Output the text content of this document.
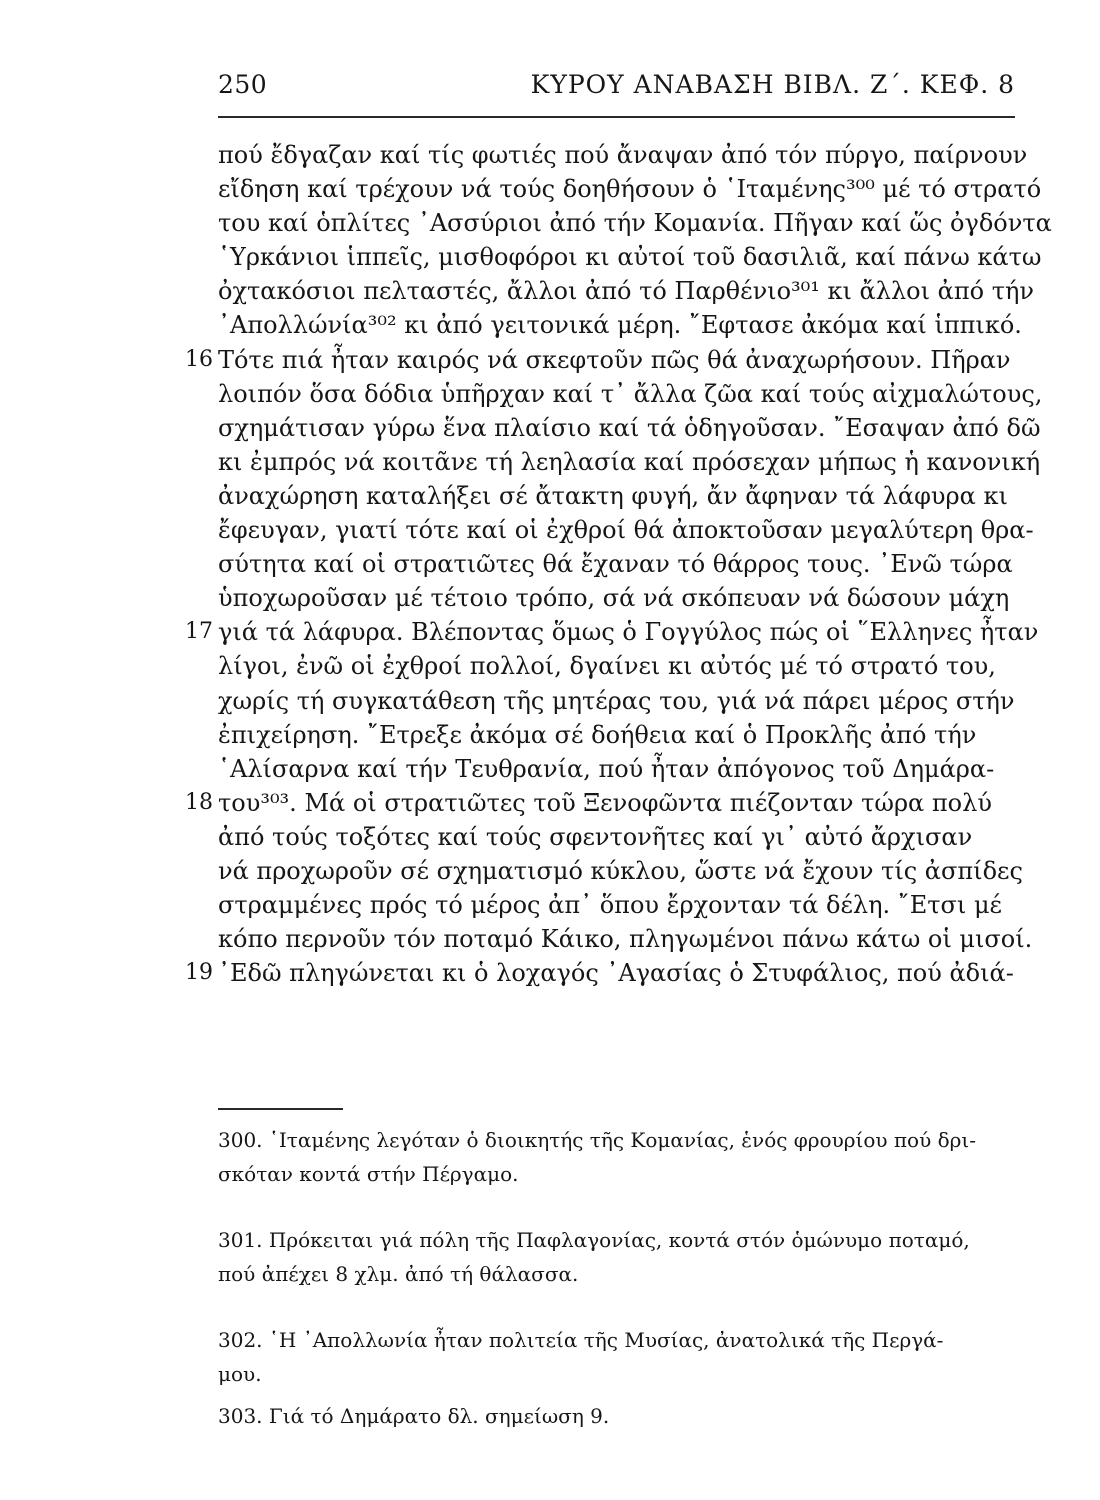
250	ΚΥΡΟΥ ΑΝΑΒΑΣΗ ΒΙΒΛ. Ζ΄. ΚΕΦ. 8
πού ἔδγαζαν καί τίς φωτιές πού ἄναψαν ἀπό τόν πύργο, παίρνουν
εἴδηση καί τρέχουν νά τούς δοηθήσουν ὁ ῾Ιταμένης³⁰⁰ μέ τό στρατό
του καί ὁπλίτες ᾿Ασσύριοι ἀπό τήν Κομανία. Πῆγαν καί ὥς ὀγδόντα
῾Υρκάνιοι ἱππεῖς, μισθοφόροι κι αὐτοί τοῦ δασιλιᾶ, καί πάνω κάτω
ὀχτακόσιοι πελταστές, ἄλλοι ἀπό τό Παρθένιο³⁰¹ κι ἄλλοι ἀπό τήν
᾿Απολλώνία³⁰² κι ἀπό γειτονικά μέρη. ῎Εφτασε ἀκόμα καί ἱππικό.
16 Τότε πιά ἦταν καιρός νά σκεφτοῦν πῶς θά ἀναχωρήσουν. Πῆραν
λοιπόν ὅσα δόδια ὑπῆρχαν καί τ᾿ ἄλλα ζῶα καί τούς αἰχμαλώτους,
σχημάτισαν γύρω ἕνα πλαίσιο καί τά ὁδηγοῦσαν. ῎Εσαψαν ἀπό δῶ
κι ἐμπρός νά κοιτᾶνε τή λεηλασία καί πρόσεχαν μήπως ἡ κανονική
ἀναχώρηση καταλήξει σέ ἄτακτη φυγή, ἄν ἄφηναν τά λάφυρα κι
ἔφευγαν, γιατί τότε καί οἱ ἐχθροί θά ἀποκτοῦσαν μεγαλύτερη θρα-
σύτητα καί οἱ στρατιῶτες θά ἔχαναν τό θάρρος τους. ᾿Ενῶ τώρα
ὑποχωροῦσαν μέ τέτοιο τρόπο, σά νά σκόπευαν νά δώσουν μάχη
17 γιά τά λάφυρα. Βλέποντας ὅμως ὁ Γογγύλος πώς οἱ ῞Ελληνες ἦταν
λίγοι, ἐνῶ οἱ ἐχθροί πολλοί, δγαίνει κι αὐτός μέ τό στρατό του,
χωρίς τή συγκατάθεση τῆς μητέρας του, γιά νά πάρει μέρος στήν
ἐπιχείρηση. ῎Ετρεξε ἀκόμα σέ δοήθεια καί ὁ Προκλῆς ἀπό τήν
῾Αλίσαρνα καί τήν Τευθρανία, πού ἦταν ἀπόγονος τοῦ Δημάρα-
18 του³⁰³. Μά οἱ στρατιῶτες τοῦ Ξενοφῶντα πιέζονταν τώρα πολύ
ἀπό τούς τοξότες καί τούς σφεντονῆτες καί γι᾿ αὐτό ἄρχισαν
νά προχωροῦν σέ σχηματισμό κύκλου, ὥστε νά ἔχουν τίς ἀσπίδες
στραμμένες πρός τό μέρος ἀπ᾿ ὅπου ἔρχονταν τά δέλη. ῎Ετσι μέ
κόπο περνοῦν τόν ποταμό Κάικο, πληγωμένοι πάνω κάτω οἱ μισοί.
19 ᾿Εδῶ πληγώνεται κι ὁ λοχαγός ᾿Αγασίας ὁ Στυφάλιος, πού ἀδιά-
300. ῾Ιταμένης λεγόταν ὁ διοικητής τῆς Κομανίας, ἑνός φρουρίου πού δρι-
σκόταν κοντά στήν Πέργαμο.
301. Πρόκειται γιά πόλη τῆς Παφλαγονίας, κοντά στόν ὁμώνυμο ποταμό,
πού ἀπέχει 8 χλμ. ἀπό τή θάλασσα.
302. ῾Η ᾿Απολλωνία ἦταν πολιτεία τῆς Μυσίας, ἀνατολικά τῆς Περγά-
μου.
303. Γιά τό Δημάρατο δλ. σημείωση 9.
